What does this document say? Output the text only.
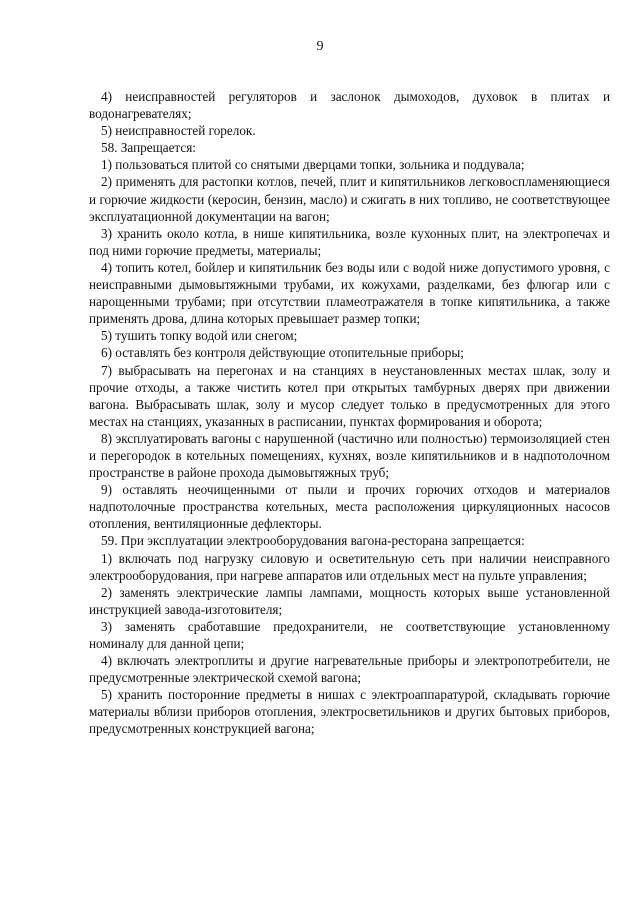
9

4) неисправностей регуляторов и заслонок дымоходов, духовок в плитах и водонагревателях;

5) неисправностей горелок.

58. Запрещается:

1) пользоваться плитой со снятыми дверцами топки, зольника и поддувала;

2) применять для растопки котлов, печей, плит и кипятильников легковоспламеняющиеся и горючие жидкости (керосин, бензин, масло) и сжигать в них топливо, не соответствующее эксплуатационной документации на вагон;

3) хранить около котла, в нише кипятильника, возле кухонных плит, на электропечах и под ними горючие предметы, материалы;

4) топить котел, бойлер и кипятильник без воды или с водой ниже допустимого уровня, с неисправными дымовытяжными трубами, их кожухами, разделками, без флюгар или с нарощенными трубами; при отсутствии пламеотражателя в топке кипятильника, а также применять дрова, длина которых превышает размер топки;

5) тушить топку водой или снегом;

6) оставлять без контроля действующие отопительные приборы;

7) выбрасывать на перегонах и на станциях в неустановленных местах шлак, золу и прочие отходы, а также чистить котел при открытых тамбурных дверях при движении вагона. Выбрасывать шлак, золу и мусор следует только в предусмотренных для этого местах на станциях, указанных в расписании, пунктах формирования и оборота;

8) эксплуатировать вагоны с нарушенной (частично или полностью) термоизоляцией стен и перегородок в котельных помещениях, кухнях, возле кипятильников и в надпотолочном пространстве в районе прохода дымовытяжных труб;

9) оставлять неочищенными от пыли и прочих горючих отходов и материалов надпотолочные пространства котельных, места расположения циркуляционных насосов отопления, вентиляционные дефлекторы.

59. При эксплуатации электрооборудования вагона-ресторана запрещается:

1) включать под нагрузку силовую и осветительную сеть при наличии неисправного электрооборудования, при нагреве аппаратов или отдельных мест на пульте управления;

2) заменять электрические лампы лампами, мощность которых выше установленной инструкцией завода-изготовителя;

3) заменять сработавшие предохранители, не соответствующие установленному номиналу для данной цепи;

4) включать электроплиты и другие нагревательные приборы и электропотребители, не предусмотренные электрической схемой вагона;

5) хранить посторонние предметы в нишах с электроаппаратурой, складывать горючие материалы вблизи приборов отопления, электросветильников и других бытовых приборов, предусмотренных конструкцией вагона;
